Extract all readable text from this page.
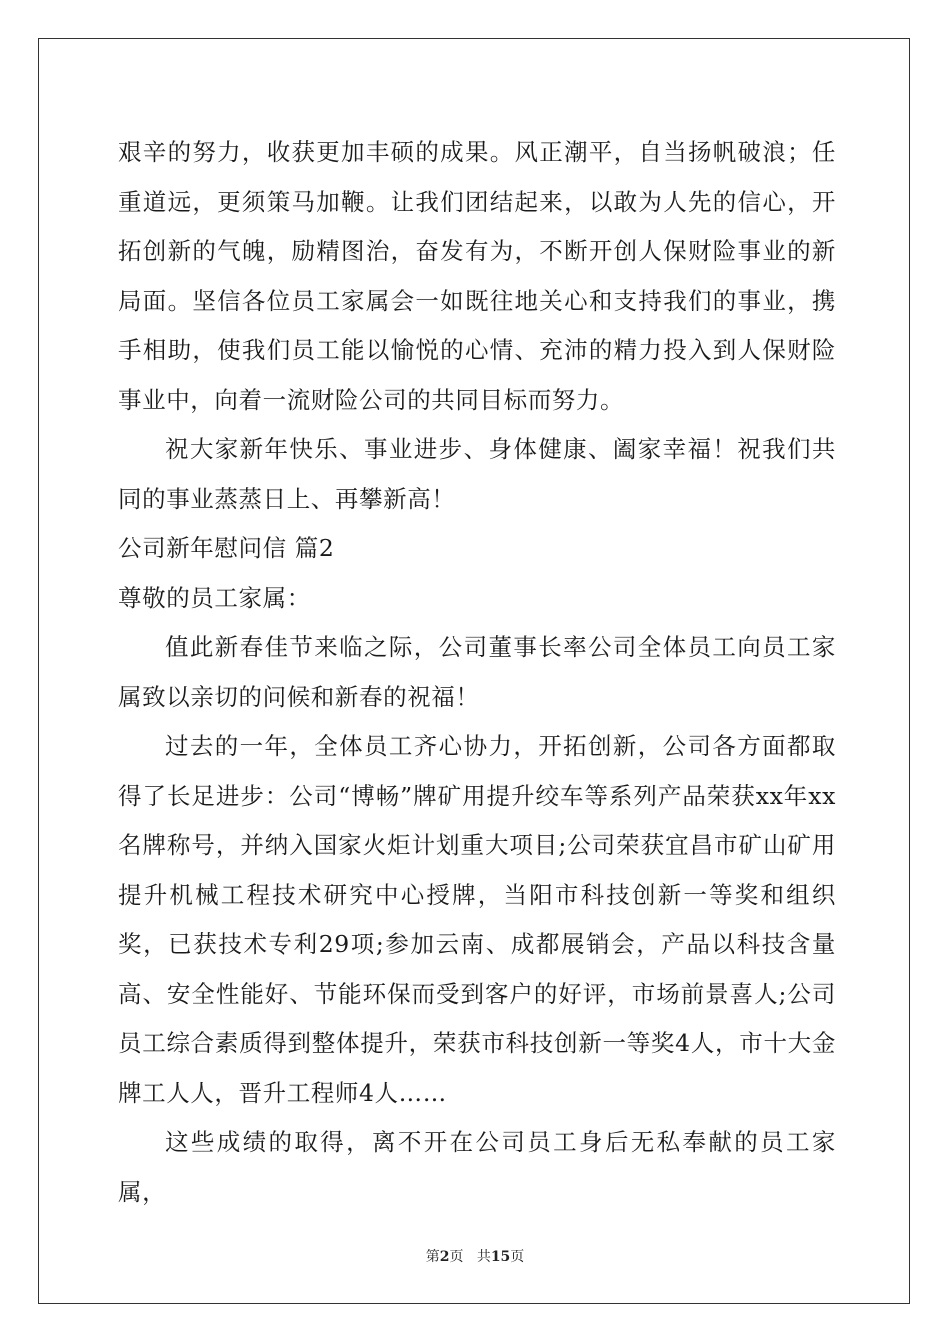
艰辛的努力，收获更加丰硕的成果。风正潮平，自当扬帆破浪；任重道远，更须策马加鞭。让我们团结起来，以敢为人先的信心，开拓创新的气魄，励精图治，奋发有为，不断开创人保财险事业的新局面。坚信各位员工家属会一如既往地关心和支持我们的事业，携手相助，使我们员工能以愉悦的心情、充沛的精力投入到人保财险事业中，向着一流财险公司的共同目标而努力。

祝大家新年快乐、事业进步、身体健康、阖家幸福！祝我们共同的事业蒸蒸日上、再攀新高！

公司新年慰问信 篇2

尊敬的员工家属：

值此新春佳节来临之际，公司董事长率公司全体员工向员工家属致以亲切的问候和新春的祝福！

过去的一年，全体员工齐心协力，开拓创新，公司各方面都取得了长足进步：公司“博畅”牌矿用提升绞车等系列产品荣获xx年xx名牌称号，并纳入国家火炬计划重大项目;公司荣获宜昌市矿山矿用提升机械工程技术研究中心授牌，当阳市科技创新一等奖和组织奖，已获技术专利29项;参加云南、成都展销会，产品以科技含量高、安全性能好、节能环保而受到客户的好评，市场前景喜人;公司员工综合素质得到整体提升，荣获市科技创新一等奖4人，市十大金牌工人人，晋升工程师4人……

这些成绩的取得，离不开在公司员工身后无私奉献的员工家属，

第2页 共15页
